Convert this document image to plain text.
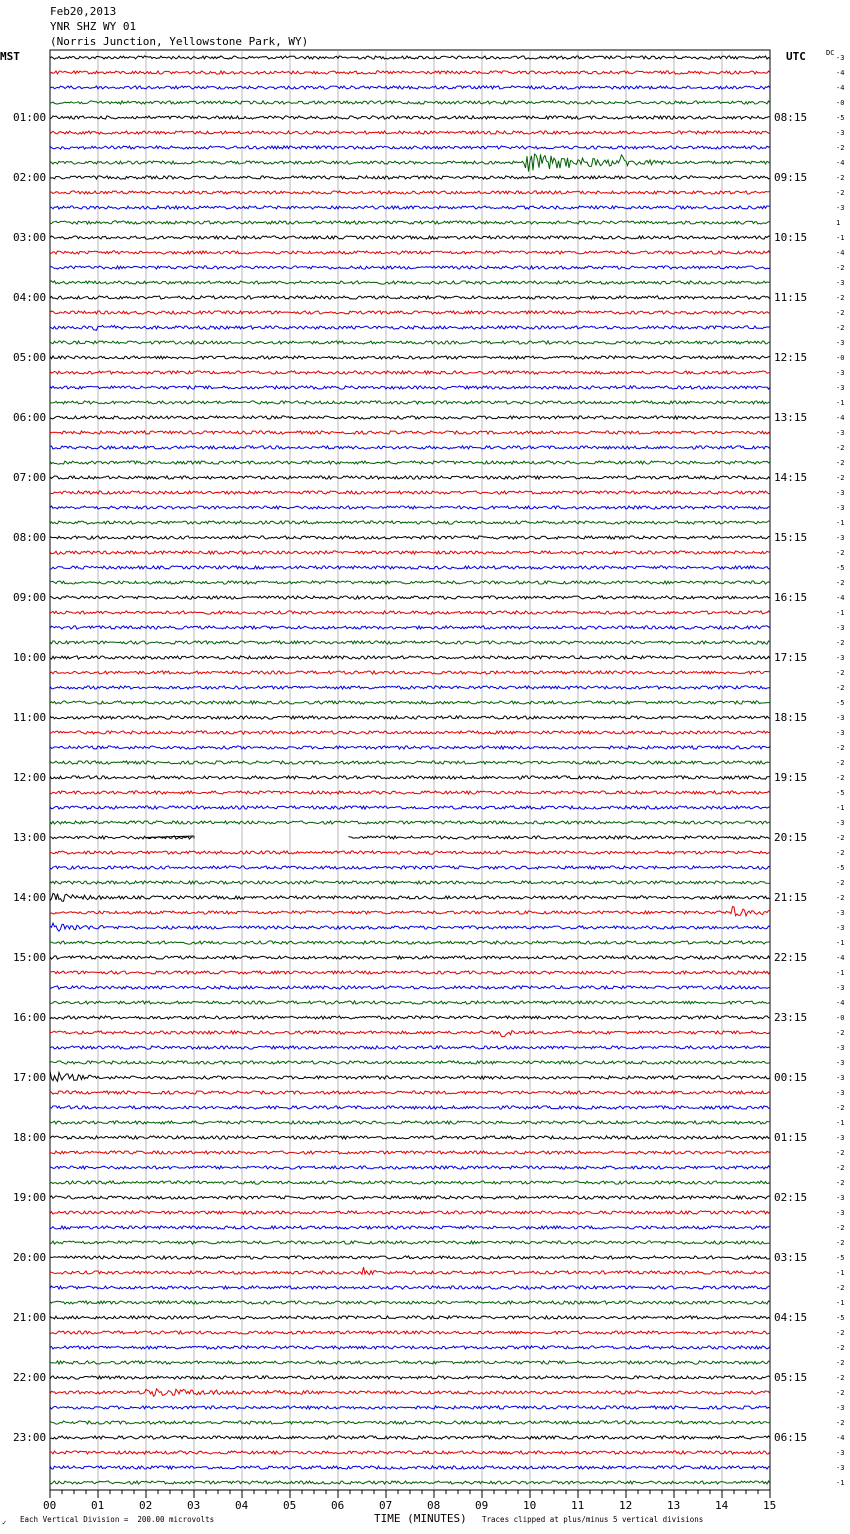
Feb20,2013
YNR SHZ WY 01
(Norris Junction, Yellowstone Park, WY)
MST	UTC	DC
00	01	02	03	04	05	06	07	08	09	10	11	12	13	14	15
01:00
02:00
03:00
04:00
05:00
06:00
07:00
08:00
09:00
10:00
11:00
12:00
13:00
14:00
15:00
16:00
17:00
18:00
19:00
20:00
21:00
22:00
23:00
08:15
09:15
10:15
11:15
12:15
13:15
14:15
15:15
16:15
17:15
18:15
19:15
20:15
21:15
22:15
23:15
00:15
01:15
02:15
03:15
04:15
05:15
06:15
-3
-4
-4
-0
-5
-3
-2
-4
-2
-2
-3
1
-1
-4
-2
-3
-2
-2
-2
-3
-0
-3
-3
-1
-4
-3
-2
-2
-2
-3
-3
-1
-3
-2
-5
-2
-4
-1
-3
-2
-3
-2
-2
-5
-3
-3
-2
-2
-2
-5
-1
-3
-2
-2
-5
-2
-2
-3
-3
-1
-4
-1
-3
-4
-0
-2
-3
-3
-3
-3
-2
-1
-3
-2
-2
-2
-3
-3
-2
-2
-5
-1
-2
-1
-5
-2
-2
-2
-2
-2
-3
-2
-4
-3
-3
-1
✓ Each Vertical Division =  200.00 microvolts	TIME (MINUTES) Traces clipped at plus/minus 5 vertical divisions
